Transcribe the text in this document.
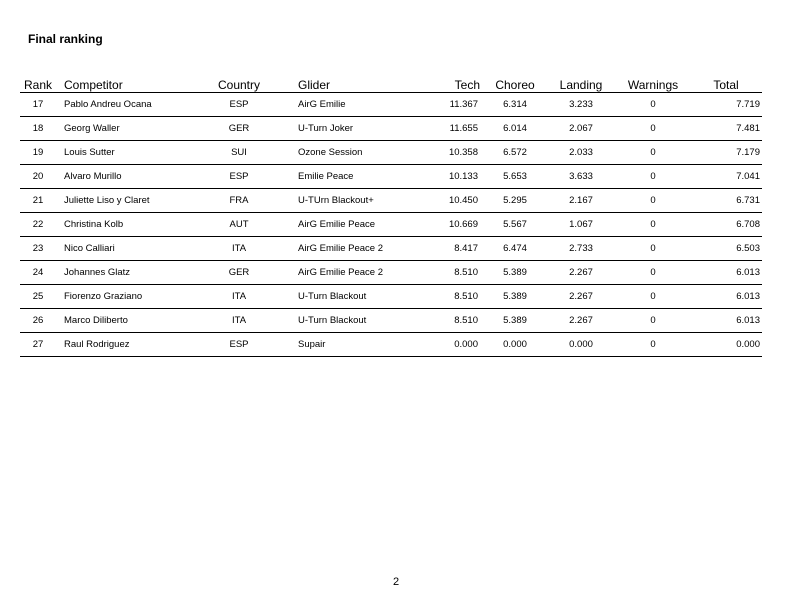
Final ranking
Rank	Competitor	Country	Glider	Tech	Choreo	Landing	Warnings	Total
17	Pablo Andreu Ocana	ESP	AirG Emilie	11.367	6.314	3.233	0	7.719
18	Georg Waller	GER	U-Turn Joker	11.655	6.014	2.067	0	7.481
19	Louis Sutter	SUI	Ozone Session	10.358	6.572	2.033	0	7.179
20	Alvaro Murillo	ESP	Emilie Peace	10.133	5.653	3.633	0	7.041
21	Juliette Liso y Claret	FRA	U-TUrn Blackout+	10.450	5.295	2.167	0	6.731
22	Christina Kolb	AUT	AirG Emilie Peace	10.669	5.567	1.067	0	6.708
23	Nico Calliari	ITA	AirG Emilie Peace 2	8.417	6.474	2.733	0	6.503
24	Johannes Glatz	GER	AirG Emilie Peace 2	8.510	5.389	2.267	0	6.013
25	Fiorenzo Graziano	ITA	U-Turn Blackout	8.510	5.389	2.267	0	6.013
26	Marco Diliberto	ITA	U-Turn Blackout	8.510	5.389	2.267	0	6.013
27	Raul Rodriguez	ESP	Supair	0.000	0.000	0.000	0	0.000
2
